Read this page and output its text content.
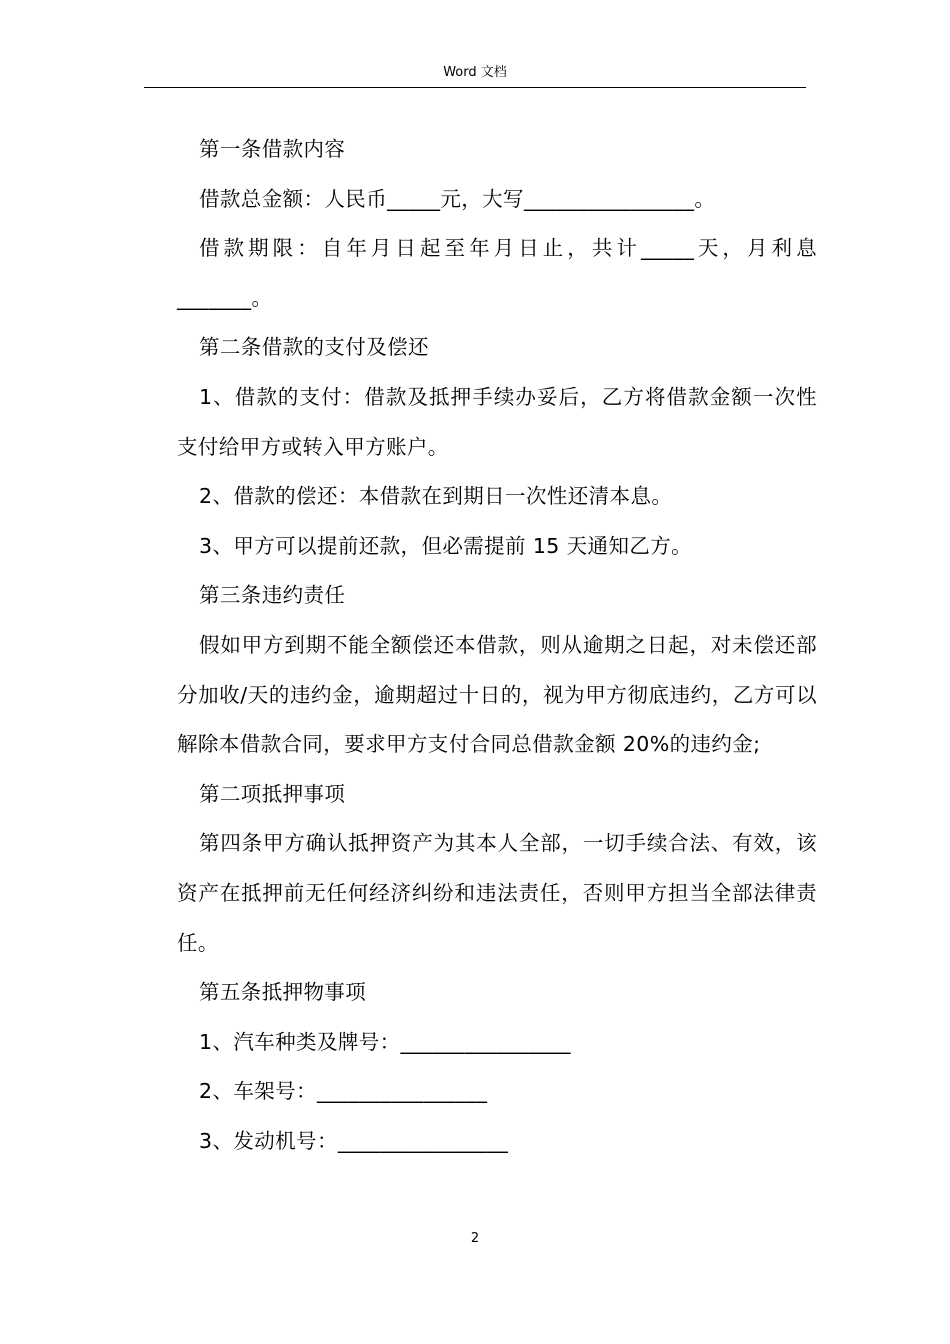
Word 文档

第一条借款内容

借款总金额：人民币_____元，大写________________。

借款期限：自年月日起至年月日止，共计_____天，月利息_______。

第二条借款的支付及偿还

1、借款的支付：借款及抵押手续办妥后，乙方将借款金额一次性支付给甲方或转入甲方账户。

2、借款的偿还：本借款在到期日一次性还清本息。

3、甲方可以提前还款，但必需提前 15 天通知乙方。

第三条违约责任

假如甲方到期不能全额偿还本借款，则从逾期之日起，对未偿还部分加收/天的违约金，逾期超过十日的，视为甲方彻底违约，乙方可以解除本借款合同，要求甲方支付合同总借款金额 20%的违约金;

第二项抵押事项

第四条甲方确认抵押资产为其本人全部，一切手续合法、有效，该资产在抵押前无任何经济纠纷和违法责任，否则甲方担当全部法律责任。

第五条抵押物事项

1、汽车种类及牌号：________________

2、车架号：________________

3、发动机号：________________

2
